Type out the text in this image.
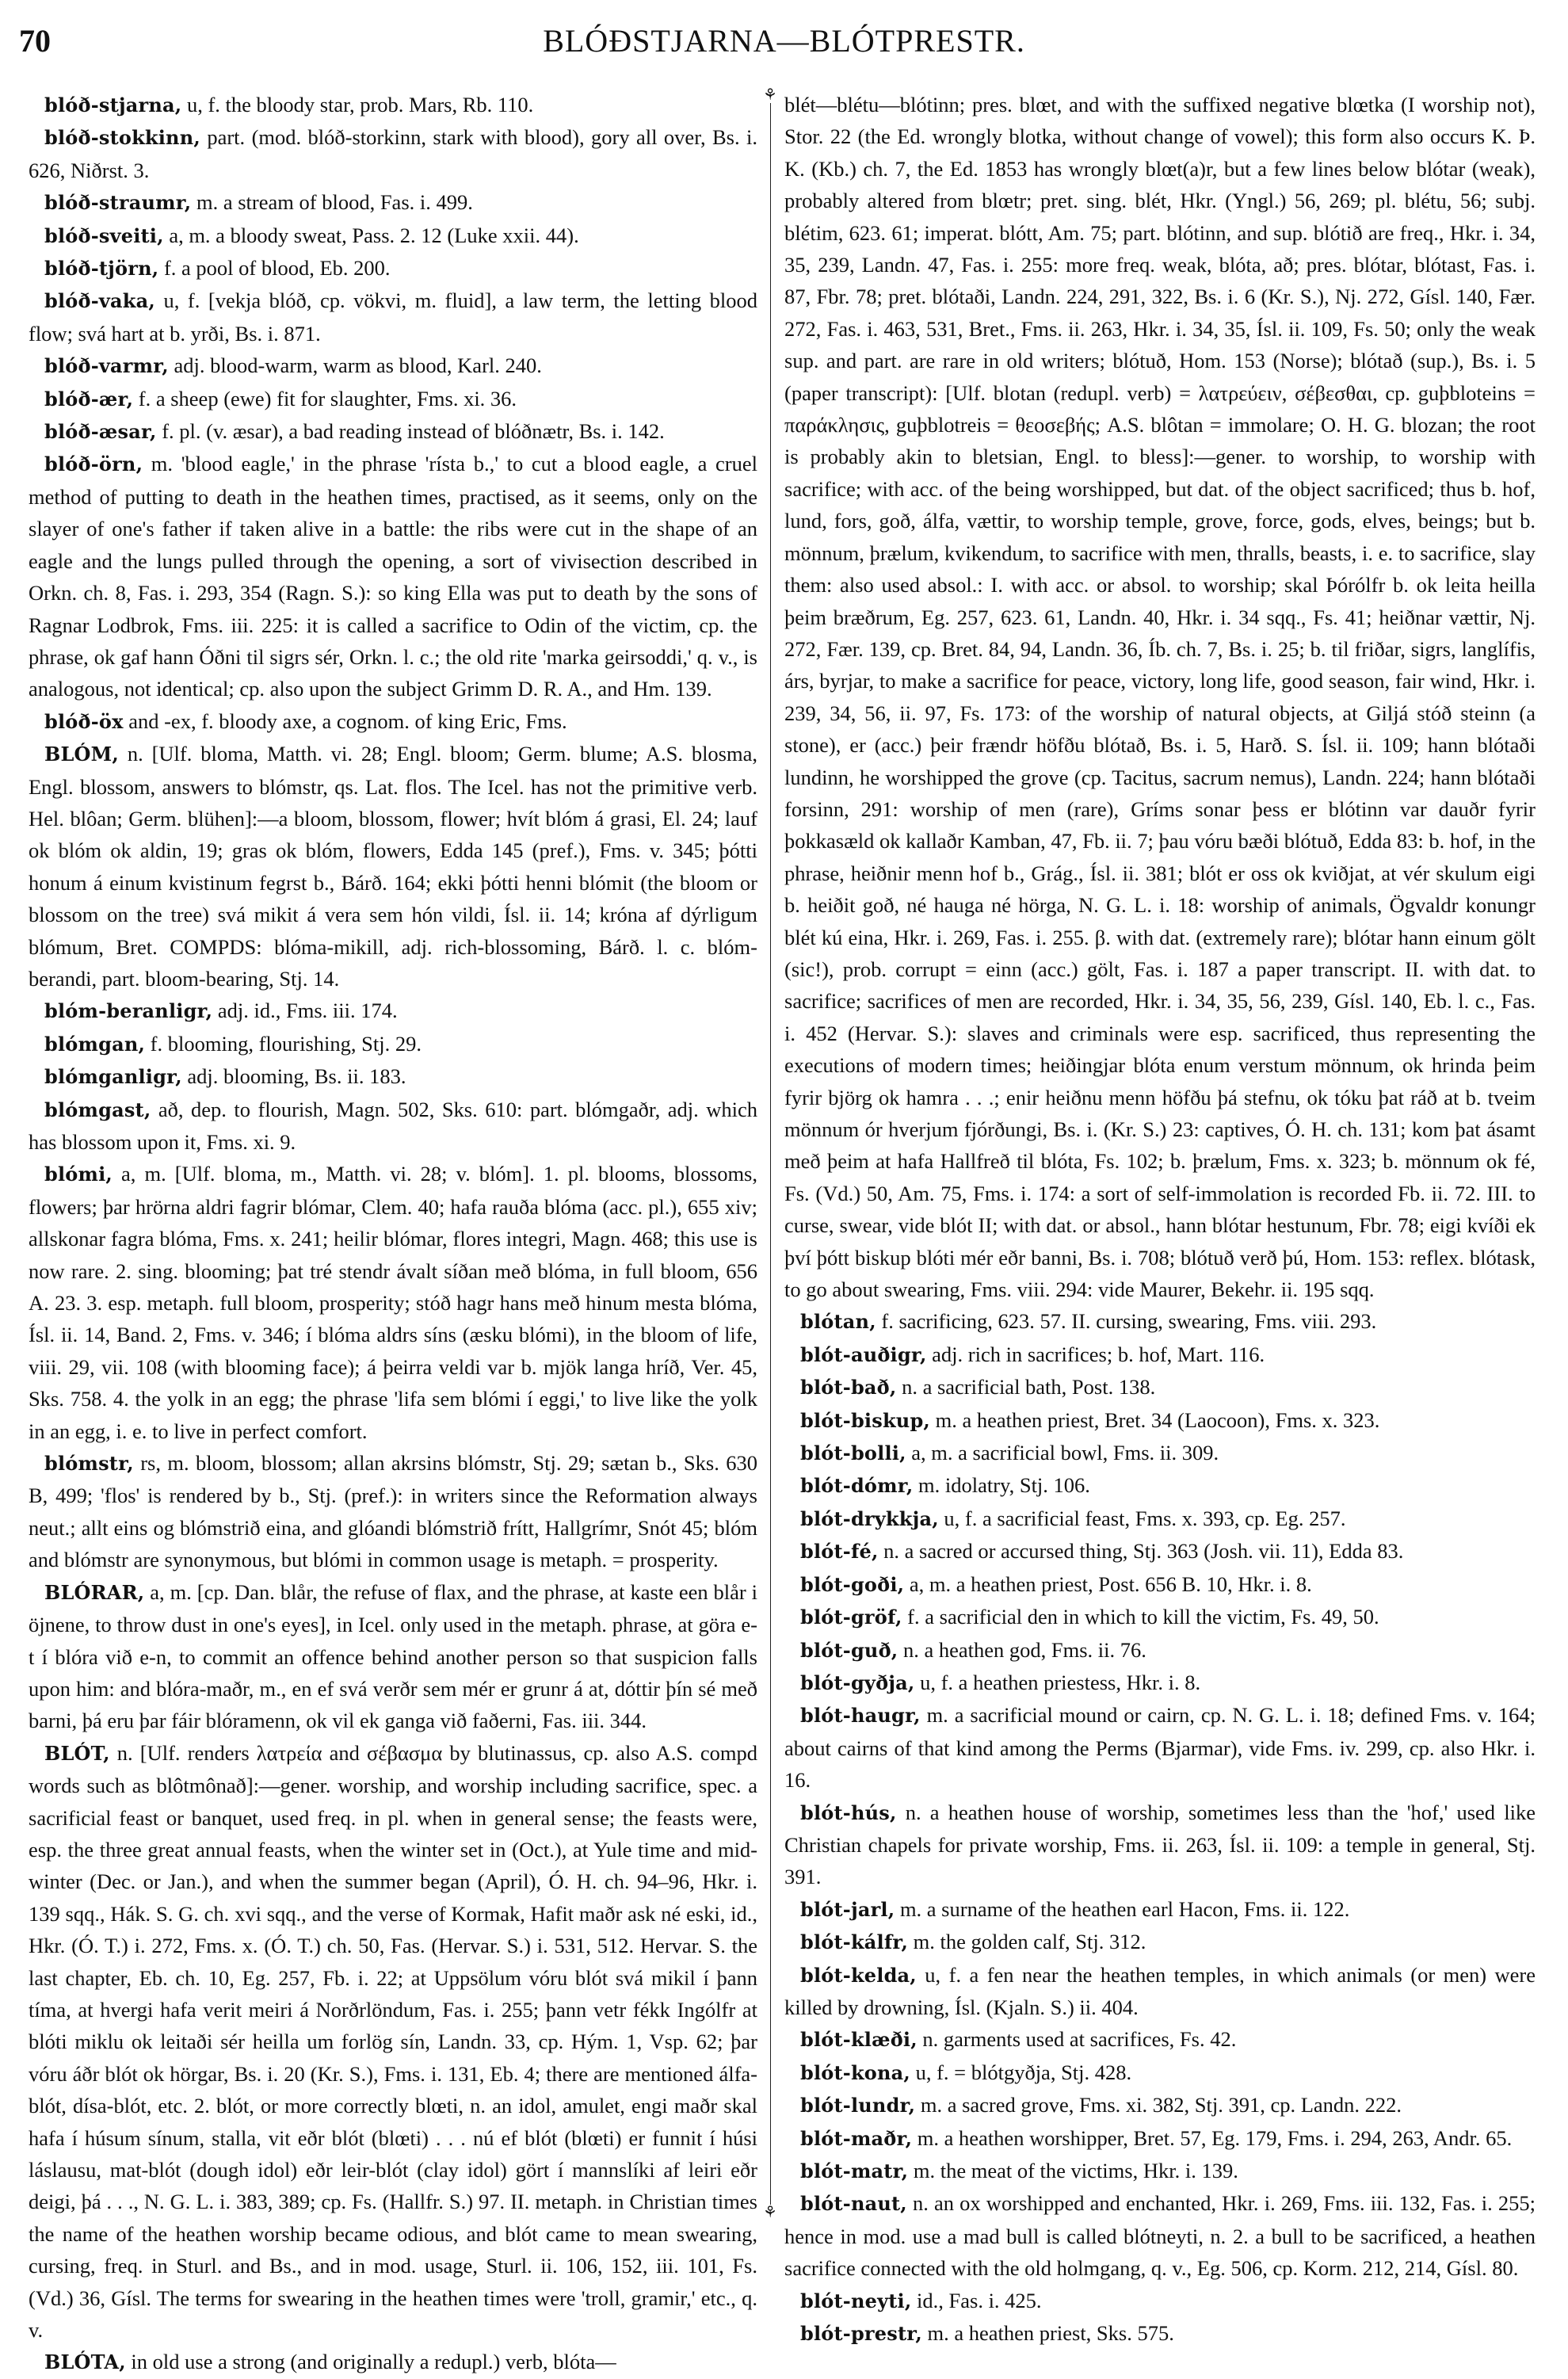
70	BLÓÐSTJARNA—BLÓTPRESTR.
⚘
⚘

blóð-stjarna, u, f. the bloody star, prob. Mars, Rb. 110.

blóð-stokkinn, part. (mod. blóð-storkinn, stark with blood), gory all over, Bs. i. 626, Niðrst. 3.

blóð-straumr, m. a stream of blood, Fas. i. 499.

blóð-sveiti, a, m. a bloody sweat, Pass. 2. 12 (Luke xxii. 44).

blóð-tjörn, f. a pool of blood, Eb. 200.

blóð-vaka, u, f. [vekja blóð, cp. vökvi, m. fluid], a law term, the letting blood flow; svá hart at b. yrði, Bs. i. 871.

blóð-varmr, adj. blood-warm, warm as blood, Karl. 240.

blóð-ær, f. a sheep (ewe) fit for slaughter, Fms. xi. 36.

blóð-æsar, f. pl. (v. æsar), a bad reading instead of blóðnætr, Bs. i. 142.

blóð-örn, m. 'blood eagle,' in the phrase 'rísta b.,' to cut a blood eagle, a cruel method of putting to death in the heathen times, practised, as it seems, only on the slayer of one's father if taken alive in a battle: the ribs were cut in the shape of an eagle and the lungs pulled through the opening, a sort of vivisection described in Orkn. ch. 8, Fas. i. 293, 354 (Ragn. S.): so king Ella was put to death by the sons of Ragnar Lodbrok, Fms. iii. 225: it is called a sacrifice to Odin of the victim, cp. the phrase, ok gaf hann Óðni til sigrs sér, Orkn. l. c.; the old rite 'marka geirsoddi,' q. v., is analogous, not identical; cp. also upon the subject Grimm D. R. A., and Hm. 139.

blóð-öx and -ex, f. bloody axe, a cognom. of king Eric, Fms.

BLÓM, n. [Ulf. bloma, Matth. vi. 28; Engl. bloom; Germ. blume; A.S. blosma, Engl. blossom, answers to blómstr, qs. Lat. flos. The Icel. has not the primitive verb. Hel. blôan; Germ. blühen]:—a bloom, blossom, flower; hvít blóm á grasi, El. 24; lauf ok blóm ok aldin, 19; gras ok blóm, flowers, Edda 145 (pref.), Fms. v. 345; þótti honum á einum kvistinum fegrst b., Bárð. 164; ekki þótti henni blómit (the bloom or blossom on the tree) svá mikit á vera sem hón vildi, Ísl. ii. 14; króna af dýrligum blómum, Bret. COMPDS: blóma-mikill, adj. rich-blossoming, Bárð. l. c. blóm-berandi, part. bloom-bearing, Stj. 14.

blóm-beranligr, adj. id., Fms. iii. 174.

blómgan, f. blooming, flourishing, Stj. 29.

blómganligr, adj. blooming, Bs. ii. 183.

blómgast, að, dep. to flourish, Magn. 502, Sks. 610: part. blómgaðr, adj. which has blossom upon it, Fms. xi. 9.

blómi, a, m. [Ulf. bloma, m., Matth. vi. 28; v. blóm]. 1. pl. blooms, blossoms, flowers; þar hrörna aldri fagrir blómar, Clem. 40; hafa rauða blóma (acc. pl.), 655 xiv; allskonar fagra blóma, Fms. x. 241; heilir blómar, flores integri, Magn. 468; this use is now rare. 2. sing. blooming; þat tré stendr ávalt síðan með blóma, in full bloom, 656 A. 23. 3. esp. metaph. full bloom, prosperity; stóð hagr hans með hinum mesta blóma, Ísl. ii. 14, Band. 2, Fms. v. 346; í blóma aldrs síns (æsku blómi), in the bloom of life, viii. 29, vii. 108 (with blooming face); á þeirra veldi var b. mjök langa hríð, Ver. 45, Sks. 758. 4. the yolk in an egg; the phrase 'lifa sem blómi í eggi,' to live like the yolk in an egg, i. e. to live in perfect comfort.

blómstr, rs, m. bloom, blossom; allan akrsins blómstr, Stj. 29; sætan b., Sks. 630 B, 499; 'flos' is rendered by b., Stj. (pref.): in writers since the Reformation always neut.; allt eins og blómstrið eina, and glóandi blómstrið frítt, Hallgrímr, Snót 45; blóm and blómstr are synonymous, but blómi in common usage is metaph. = prosperity.

BLÓRAR, a, m. [cp. Dan. blår, the refuse of flax, and the phrase, at kaste een blår i öjnene, to throw dust in one's eyes], in Icel. only used in the metaph. phrase, at göra e-t í blóra við e-n, to commit an offence behind another person so that suspicion falls upon him: and blóra-maðr, m., en ef svá verðr sem mér er grunr á at, dóttir þín sé með barni, þá eru þar fáir blóramenn, ok vil ek ganga við faðerni, Fas. iii. 344.

BLÓT, n. [Ulf. renders λατρεία and σέβασμα by blutinassus, cp. also A.S. compd words such as blôtmônað]:—gener. worship, and worship including sacrifice, spec. a sacrificial feast or banquet, used freq. in pl. when in general sense; the feasts were, esp. the three great annual feasts, when the winter set in (Oct.), at Yule time and mid-winter (Dec. or Jan.), and when the summer began (April), Ó. H. ch. 94–96, Hkr. i. 139 sqq., Hák. S. G. ch. xvi sqq., and the verse of Kormak, Hafit maðr ask né eski, id., Hkr. (Ó. T.) i. 272, Fms. x. (Ó. T.) ch. 50, Fas. (Hervar. S.) i. 531, 512. Hervar. S. the last chapter, Eb. ch. 10, Eg. 257, Fb. i. 22; at Uppsölum vóru blót svá mikil í þann tíma, at hvergi hafa verit meiri á Norðrlöndum, Fas. i. 255; þann vetr fékk Ingólfr at blóti miklu ok leitaði sér heilla um forlög sín, Landn. 33, cp. Hým. 1, Vsp. 62; þar vóru áðr blót ok hörgar, Bs. i. 20 (Kr. S.), Fms. i. 131, Eb. 4; there are mentioned álfa-blót, dísa-blót, etc. 2. blót, or more correctly blœti, n. an idol, amulet, engi maðr skal hafa í húsum sínum, stalla, vit eðr blót (blœti) . . . nú ef blót (blœti) er funnit í húsi láslausu, mat-blót (dough idol) eðr leir-blót (clay idol) gört í mannslíki af leiri eðr deigi, þá . . ., N. G. L. i. 383, 389; cp. Fs. (Hallfr. S.) 97. II. metaph. in Christian times the name of the heathen worship became odious, and blót came to mean swearing, cursing, freq. in Sturl. and Bs., and in mod. usage, Sturl. ii. 106, 152, iii. 101, Fs. (Vd.) 36, Gísl. The terms for swearing in the heathen times were 'troll, gramir,' etc., q. v.

BLÓTA, in old use a strong (and originally a redupl.) verb, blóta—

blét—blétu—blótinn; pres. blœt, and with the suffixed negative blœtka (I worship not), Stor. 22 (the Ed. wrongly blotka, without change of vowel); this form also occurs K. Þ. K. (Kb.) ch. 7, the Ed. 1853 has wrongly blœt(a)r, but a few lines below blótar (weak), probably altered from blœtr; pret. sing. blét, Hkr. (Yngl.) 56, 269; pl. blétu, 56; subj. blétim, 623. 61; imperat. blótt, Am. 75; part. blótinn, and sup. blótið are freq., Hkr. i. 34, 35, 239, Landn. 47, Fas. i. 255: more freq. weak, blóta, að; pres. blótar, blótast, Fas. i. 87, Fbr. 78; pret. blótaði, Landn. 224, 291, 322, Bs. i. 6 (Kr. S.), Nj. 272, Gísl. 140, Fær. 272, Fas. i. 463, 531, Bret., Fms. ii. 263, Hkr. i. 34, 35, Ísl. ii. 109, Fs. 50; only the weak sup. and part. are rare in old writers; blótuð, Hom. 153 (Norse); blótað (sup.), Bs. i. 5 (paper transcript): [Ulf. blotan (redupl. verb) = λατρεύειν, σέβεσθαι, cp. guþbloteins = παράκλησις, guþblotreis = θεοσεβής; A.S. blôtan = immolare; O. H. G. blozan; the root is probably akin to bletsian, Engl. to bless]:—gener. to worship, to worship with sacrifice; with acc. of the being worshipped, but dat. of the object sacrificed; thus b. hof, lund, fors, goð, álfa, vættir, to worship temple, grove, force, gods, elves, beings; but b. mönnum, þrælum, kvikendum, to sacrifice with men, thralls, beasts, i. e. to sacrifice, slay them: also used absol.: I. with acc. or absol. to worship; skal Þórólfr b. ok leita heilla þeim bræðrum, Eg. 257, 623. 61, Landn. 40, Hkr. i. 34 sqq., Fs. 41; heiðnar vættir, Nj. 272, Fær. 139, cp. Bret. 84, 94, Landn. 36, Íb. ch. 7, Bs. i. 25; b. til friðar, sigrs, langlífis, árs, byrjar, to make a sacrifice for peace, victory, long life, good season, fair wind, Hkr. i. 239, 34, 56, ii. 97, Fs. 173: of the worship of natural objects, at Giljá stóð steinn (a stone), er (acc.) þeir frændr höfðu blótað, Bs. i. 5, Harð. S. Ísl. ii. 109; hann blótaði lundinn, he worshipped the grove (cp. Tacitus, sacrum nemus), Landn. 224; hann blótaði forsinn, 291: worship of men (rare), Gríms sonar þess er blótinn var dauðr fyrir þokkasæld ok kallaðr Kamban, 47, Fb. ii. 7; þau vóru bæði blótuð, Edda 83: b. hof, in the phrase, heiðnir menn hof b., Grág., Ísl. ii. 381; blót er oss ok kviðjat, at vér skulum eigi b. heiðit goð, né hauga né hörga, N. G. L. i. 18: worship of animals, Ögvaldr konungr blét kú eina, Hkr. i. 269, Fas. i. 255. β. with dat. (extremely rare); blótar hann einum gölt (sic!), prob. corrupt = einn (acc.) gölt, Fas. i. 187 a paper transcript. II. with dat. to sacrifice; sacrifices of men are recorded, Hkr. i. 34, 35, 56, 239, Gísl. 140, Eb. l. c., Fas. i. 452 (Hervar. S.): slaves and criminals were esp. sacrificed, thus representing the executions of modern times; heiðingjar blóta enum verstum mönnum, ok hrinda þeim fyrir björg ok hamra . . .; enir heiðnu menn höfðu þá stefnu, ok tóku þat ráð at b. tveim mönnum ór hverjum fjórðungi, Bs. i. (Kr. S.) 23: captives, Ó. H. ch. 131; kom þat ásamt með þeim at hafa Hallfreð til blóta, Fs. 102; b. þrælum, Fms. x. 323; b. mönnum ok fé, Fs. (Vd.) 50, Am. 75, Fms. i. 174: a sort of self-immolation is recorded Fb. ii. 72. III. to curse, swear, vide blót II; with dat. or absol., hann blótar hestunum, Fbr. 78; eigi kvíði ek því þótt biskup blóti mér eðr banni, Bs. i. 708; blótuð verð þú, Hom. 153: reflex. blótask, to go about swearing, Fms. viii. 294: vide Maurer, Bekehr. ii. 195 sqq.

blótan, f. sacrificing, 623. 57. II. cursing, swearing, Fms. viii. 293.

blót-auðigr, adj. rich in sacrifices; b. hof, Mart. 116.

blót-bað, n. a sacrificial bath, Post. 138.

blót-biskup, m. a heathen priest, Bret. 34 (Laocoon), Fms. x. 323.

blót-bolli, a, m. a sacrificial bowl, Fms. ii. 309.

blót-dómr, m. idolatry, Stj. 106.

blót-drykkja, u, f. a sacrificial feast, Fms. x. 393, cp. Eg. 257.

blót-fé, n. a sacred or accursed thing, Stj. 363 (Josh. vii. 11), Edda 83.

blót-goði, a, m. a heathen priest, Post. 656 B. 10, Hkr. i. 8.

blót-gröf, f. a sacrificial den in which to kill the victim, Fs. 49, 50.

blót-guð, n. a heathen god, Fms. ii. 76.

blót-gyðja, u, f. a heathen priestess, Hkr. i. 8.

blót-haugr, m. a sacrificial mound or cairn, cp. N. G. L. i. 18; defined Fms. v. 164; about cairns of that kind among the Perms (Bjarmar), vide Fms. iv. 299, cp. also Hkr. i. 16.

blót-hús, n. a heathen house of worship, sometimes less than the 'hof,' used like Christian chapels for private worship, Fms. ii. 263, Ísl. ii. 109: a temple in general, Stj. 391.

blót-jarl, m. a surname of the heathen earl Hacon, Fms. ii. 122.

blót-kálfr, m. the golden calf, Stj. 312.

blót-kelda, u, f. a fen near the heathen temples, in which animals (or men) were killed by drowning, Ísl. (Kjaln. S.) ii. 404.

blót-klæði, n. garments used at sacrifices, Fs. 42.

blót-kona, u, f. = blótgyðja, Stj. 428.

blót-lundr, m. a sacred grove, Fms. xi. 382, Stj. 391, cp. Landn. 222.

blót-maðr, m. a heathen worshipper, Bret. 57, Eg. 179, Fms. i. 294, 263, Andr. 65.

blót-matr, m. the meat of the victims, Hkr. i. 139.

blót-naut, n. an ox worshipped and enchanted, Hkr. i. 269, Fms. iii. 132, Fas. i. 255; hence in mod. use a mad bull is called blótneyti, n. 2. a bull to be sacrificed, a heathen sacrifice connected with the old holmgang, q. v., Eg. 506, cp. Korm. 212, 214, Gísl. 80.

blót-neyti, id., Fas. i. 425.

blót-prestr, m. a heathen priest, Sks. 575.
